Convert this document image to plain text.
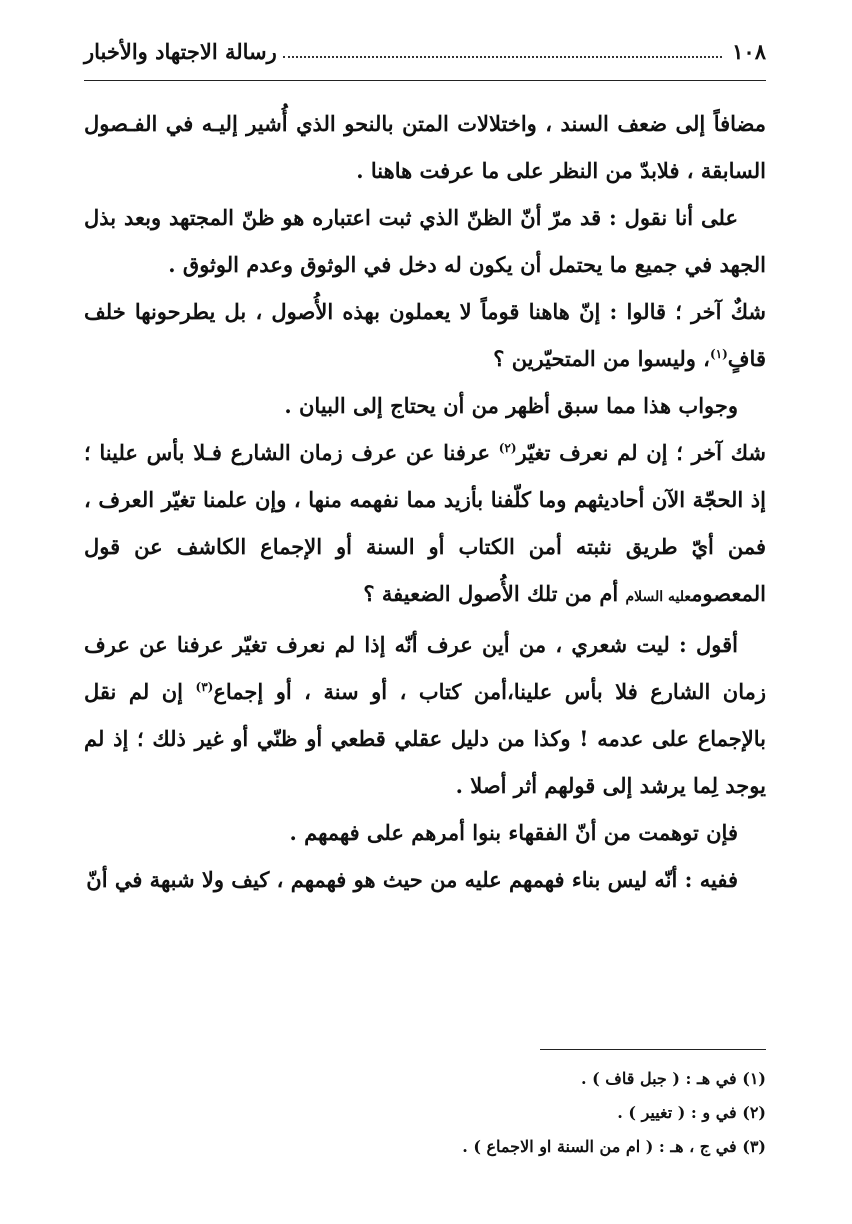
١٠٨
رسالة الاجتهاد والأخبار

مضافاً إلى ضعف السند ، واختلالات المتن بالنحو الذي أُشير إليـه في الفـصول السابقة ، فلابدّ من النظر على ما عرفت هاهنا .

على أنا نقول : قد مرّ أنّ الظنّ الذي ثبت اعتباره هو ظنّ المجتهد وبعد بذل الجهد في جميع ما يحتمل أن يكون له دخل في الوثوق وعدم الوثوق .

شكٌ آخر ؛ قالوا : إنّ هاهنا قوماً لا يعملون بهذه الأُصول ، بل يطرحونها خلف قافٍ$^{(١)}$، وليسوا من المتحيّرين ؟

وجواب هذا مما سبق أظهر من أن يحتاج إلى البيان .

شك آخر ؛ إن لم نعرف تغيّر$^{(٢)}$ عرفنا عن عرف زمان الشارع فـلا بأس علينا ؛ إذ الحجّة الآن أحاديثهم وما كلّفنا بأزيد مما نفهمه منها ، وإن علمنا تغيّر العرف ، فمن أيّ طريق نثبته أمن الكتاب أو السنة أو الإجماع الكاشف عن قول المعصومعليه السلام أم من تلك الأُصول الضعيفة ؟

أقول : ليت شعري ، من أين عرف أنّه إذا لم نعرف تغيّر عرفنا عن عرف زمان الشارع فلا بأس علينا،أمن كتاب ، أو سنة ، أو إجماع$^{(٣)}$ إن لم نقل بالإجماع على عدمه ! وكذا من دليل عقلي قطعي أو ظنّي أو غير ذلك ؛ إذ لم يوجد لِما يرشد إلى قولهم أثر أصلا .

فإن توهمت من أنّ الفقهاء بنوا أمرهم على فهمهم .

ففيه : أنّه ليس بناء فهمهم عليه من حيث هو فهمهم ، كيف ولا شبهة في أنّ

(١) في هـ : ( جبل قاف ) .

(٢) في و : ( تغيير ) .

(٣) في ج ، هـ : ( ام من السنة او الاجماع ) .
